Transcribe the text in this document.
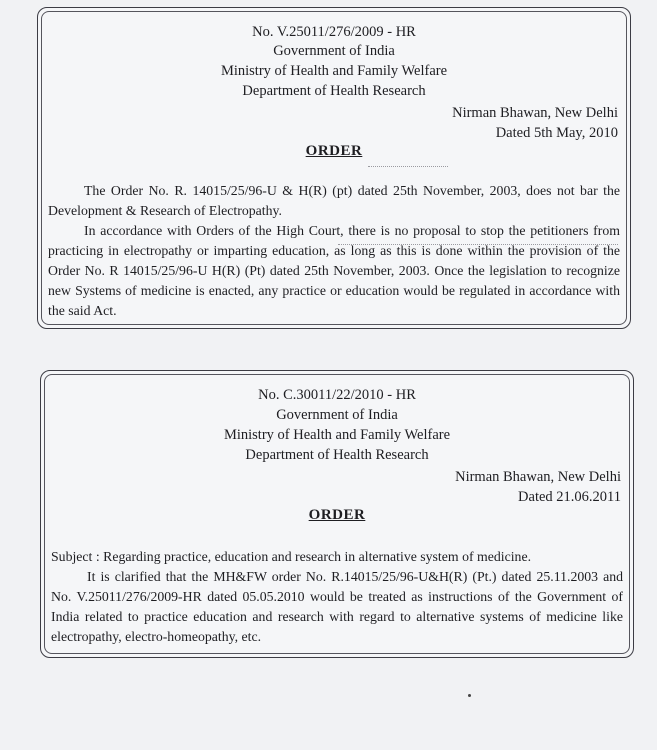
No. V.25011/276/2009 - HR
Government of India
Ministry of Health and Family Welfare
Department of Health Research
Nirman Bhawan, New Delhi
Dated 5th May, 2010
ORDER
The Order No. R. 14015/25/96-U & H(R) (pt) dated 25th November, 2003, does not bar the Development & Research of Electropathy.
In accordance with Orders of the High Court, there is no proposal to stop the petitioners from practicing in electropathy or imparting education, as long as this is done within the provision of the Order No. R 14015/25/96-U H(R) (Pt) dated 25th November, 2003. Once the legislation to recognize new Systems of medicine is enacted, any practice or education would be regulated in accordance with the said Act.
No. C.30011/22/2010 - HR
Government of India
Ministry of Health and Family Welfare
Department of Health Research
Nirman Bhawan, New Delhi
Dated 21.06.2011
ORDER
Subject : Regarding practice, education and research in alternative system of medicine.
It is clarified that the MH&FW order No. R.14015/25/96-U&H(R) (Pt.) dated 25.11.2003 and No. V.25011/276/2009-HR dated 05.05.2010 would be treated as instructions of the Government of India related to practice education and research with regard to alternative systems of medicine like electropathy, electro-homeopathy, etc.
